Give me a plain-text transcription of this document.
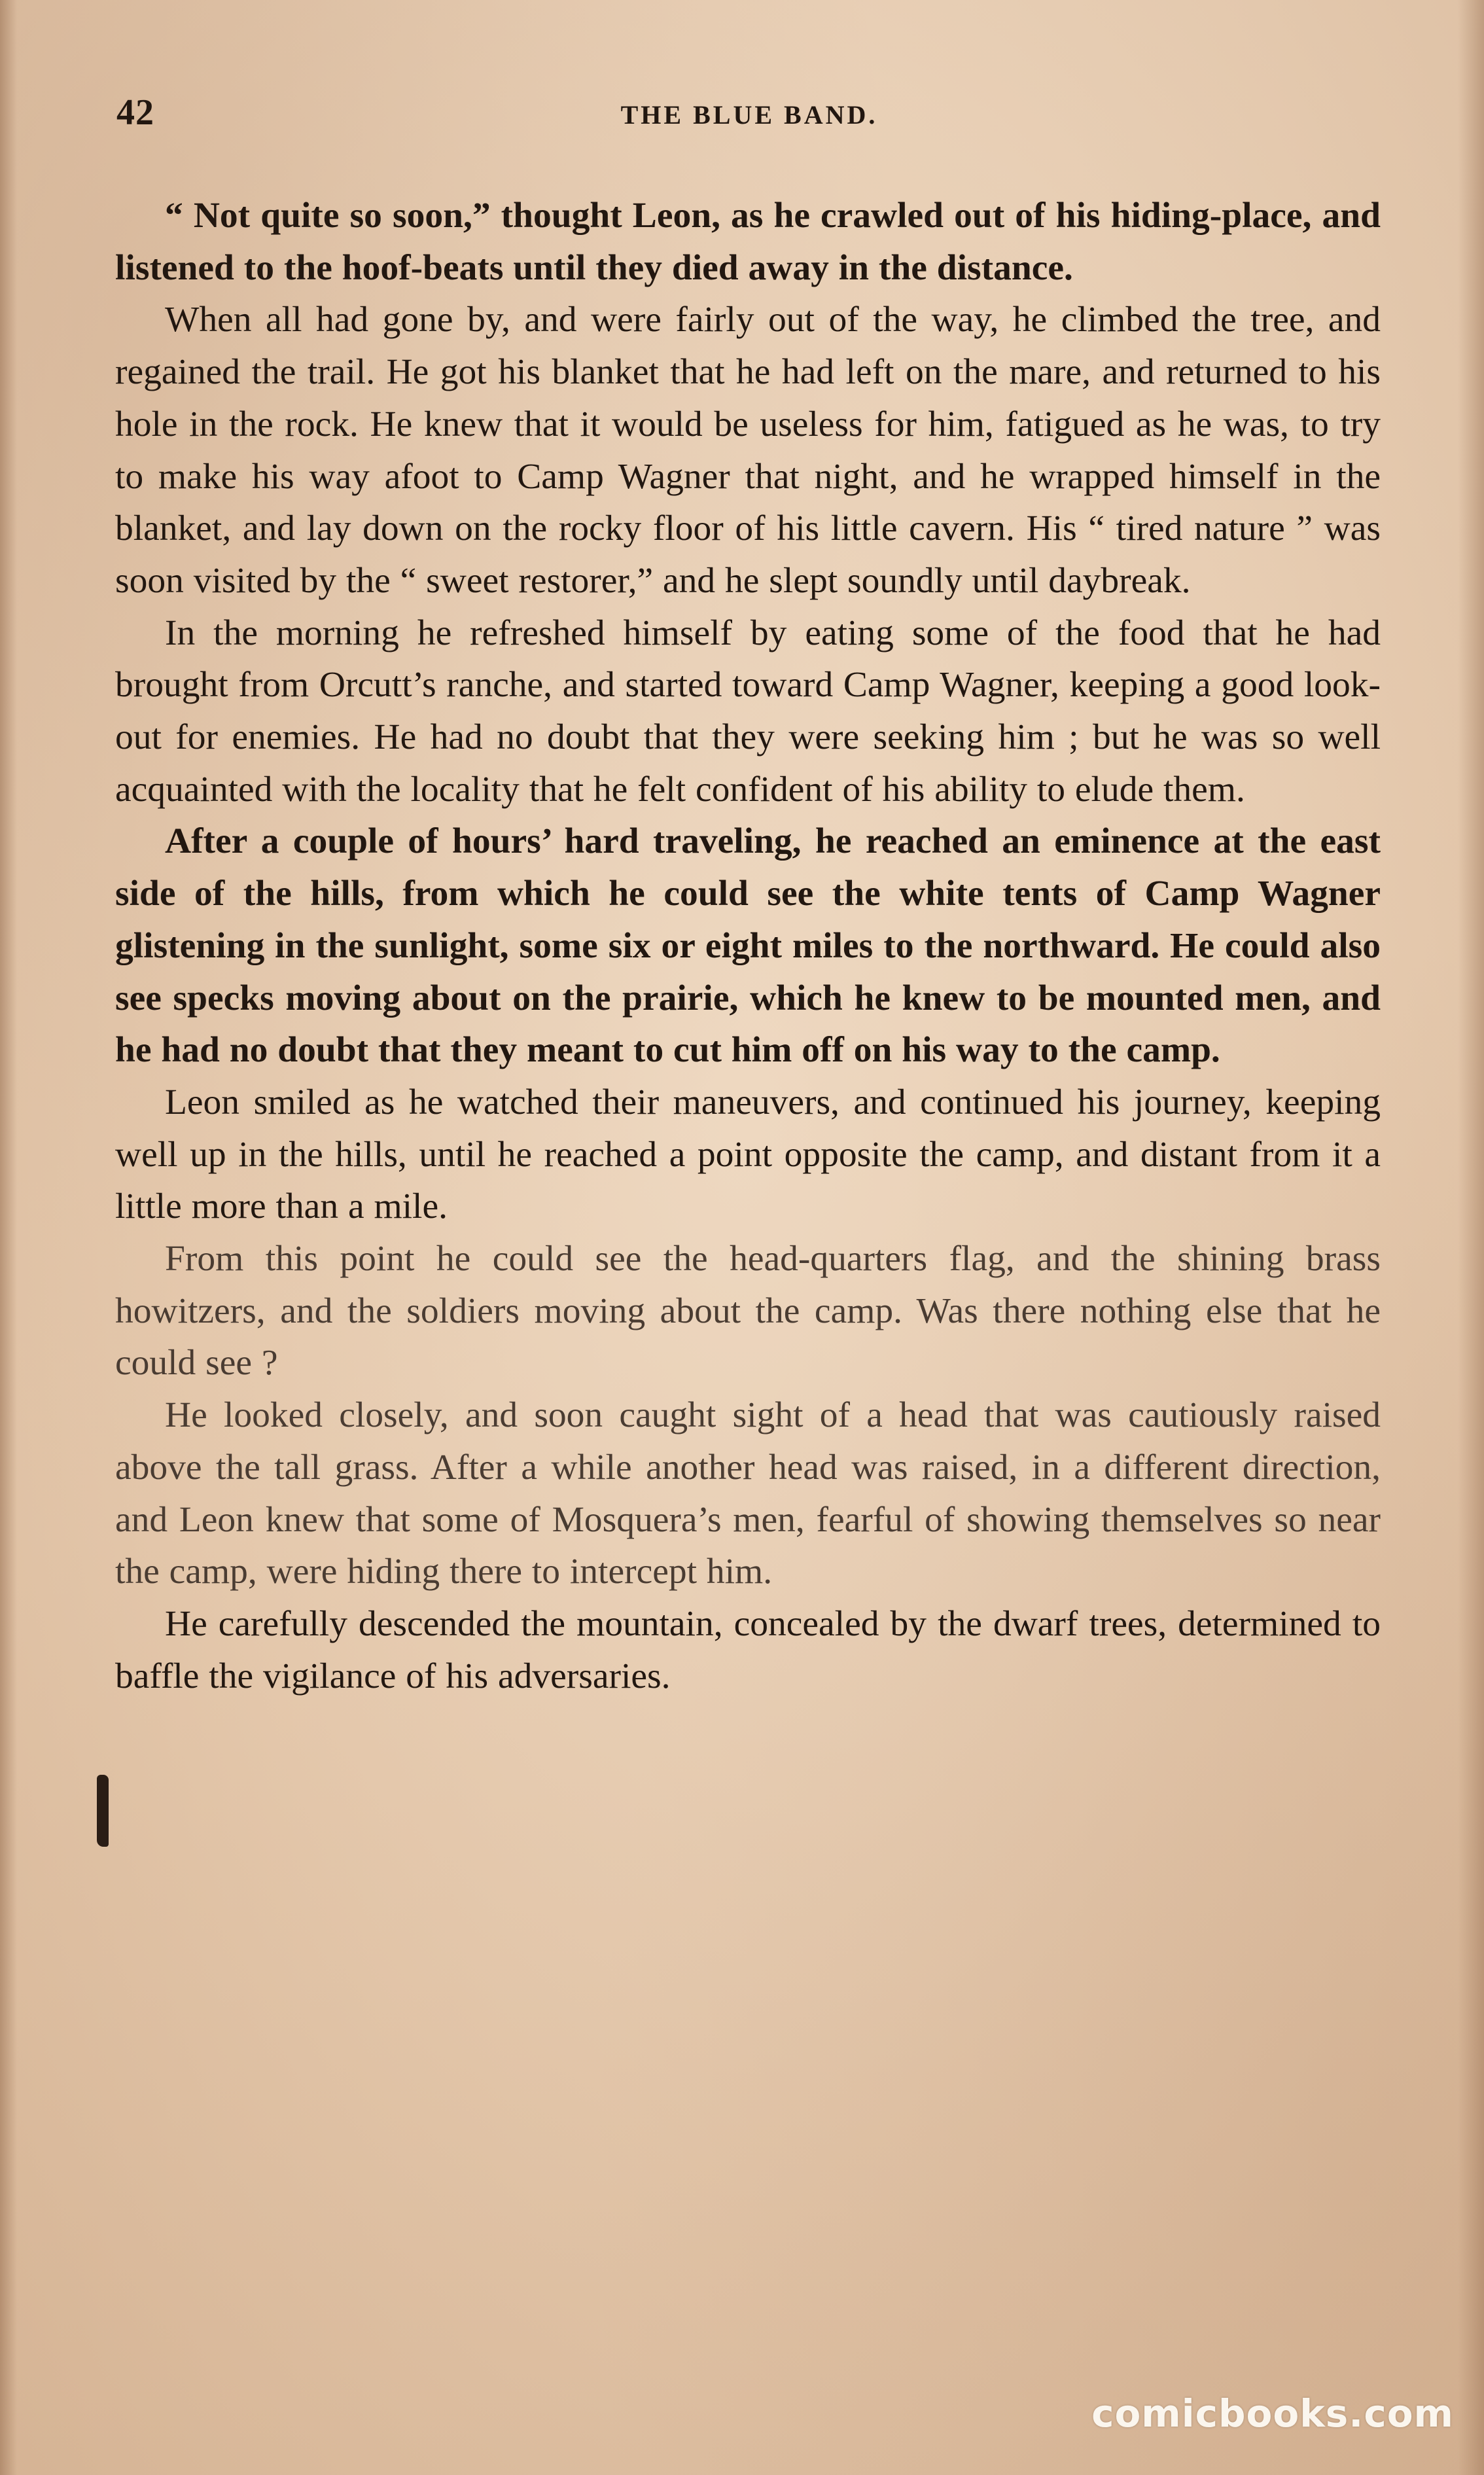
42	THE BLUE BAND.

“ Not quite so soon,” thought Leon, as he crawled out of his hiding-place, and listened to the hoof-beats until they died away in the distance.

When all had gone by, and were fairly out of the way, he climbed the tree, and regained the trail. He got his blanket that he had left on the mare, and returned to his hole in the rock. He knew that it would be useless for him, fatigued as he was, to try to make his way afoot to Camp Wagner that night, and he wrapped himself in the blanket, and lay down on the rocky floor of his little cavern. His “ tired nature ” was soon visited by the “ sweet restorer,” and he slept soundly until daybreak.

In the morning he refreshed himself by eating some of the food that he had brought from Orcutt’s ranche, and started toward Camp Wagner, keeping a good look-out for enemies. He had no doubt that they were seeking him ; but he was so well acquainted with the locality that he felt confident of his ability to elude them.

After a couple of hours’ hard traveling, he reached an eminence at the east side of the hills, from which he could see the white tents of Camp Wagner glistening in the sunlight, some six or eight miles to the northward. He could also see specks moving about on the prairie, which he knew to be mounted men, and he had no doubt that they meant to cut him off on his way to the camp.

Leon smiled as he watched their maneuvers, and continued his journey, keeping well up in the hills, until he reached a point opposite the camp, and distant from it a little more than a mile.

From this point he could see the head-quarters flag, and the shining brass howitzers, and the soldiers moving about the camp. Was there nothing else that he could see ?

He looked closely, and soon caught sight of a head that was cautiously raised above the tall grass. After a while another head was raised, in a different direction, and Leon knew that some of Mosquera’s men, fearful of showing themselves so near the camp, were hiding there to intercept him.

He carefully descended the mountain, concealed by the dwarf trees, determined to baffle the vigilance of his adversaries.

comicbooks.com
